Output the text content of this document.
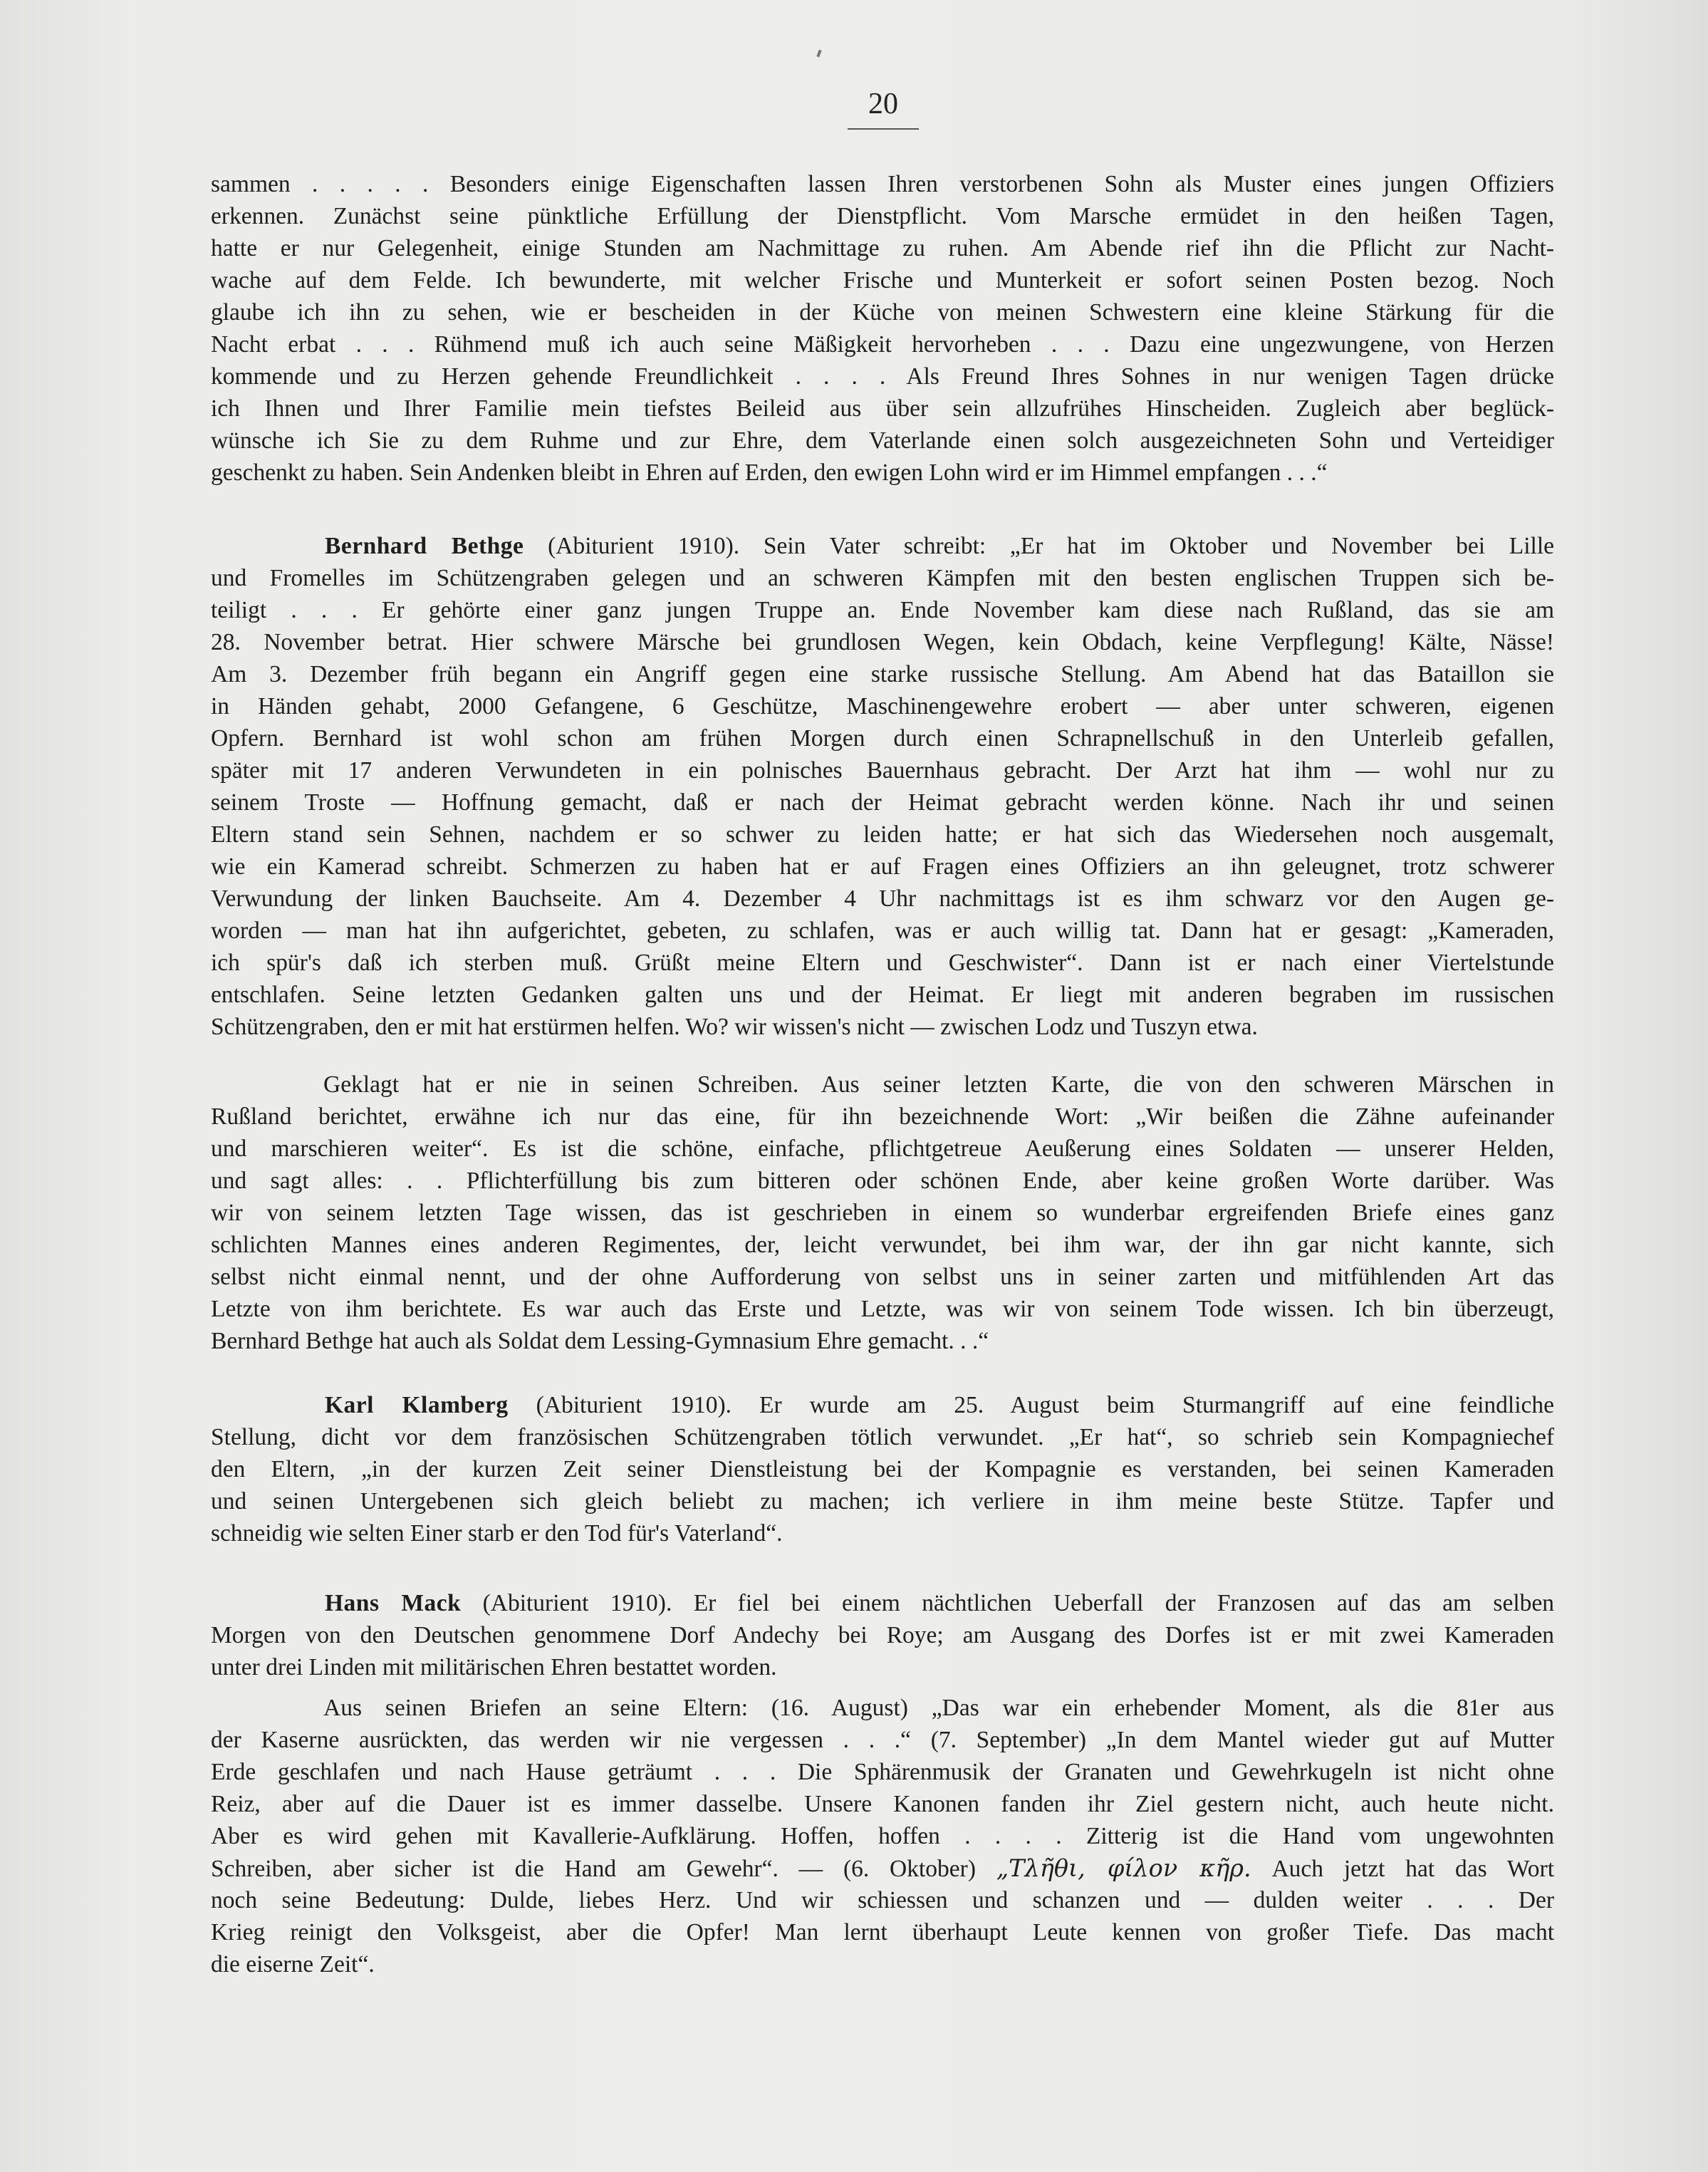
20
sammen . . . . . Besonders einige Eigenschaften lassen Ihren verstorbenen Sohn als Muster eines jungen Offiziers
erkennen. Zunächst seine pünktliche Erfüllung der Dienstpflicht. Vom Marsche ermüdet in den heißen Tagen,
hatte er nur Gelegenheit, einige Stunden am Nachmittage zu ruhen. Am Abende rief ihn die Pflicht zur Nacht-
wache auf dem Felde. Ich bewunderte, mit welcher Frische und Munterkeit er sofort seinen Posten bezog. Noch
glaube ich ihn zu sehen, wie er bescheiden in der Küche von meinen Schwestern eine kleine Stärkung für die
Nacht erbat . . . Rühmend muß ich auch seine Mäßigkeit hervorheben . . . Dazu eine ungezwungene, von Herzen
kommende und zu Herzen gehende Freundlichkeit . . . . Als Freund Ihres Sohnes in nur wenigen Tagen drücke
ich Ihnen und Ihrer Familie mein tiefstes Beileid aus über sein allzufrühes Hinscheiden. Zugleich aber beglück-
wünsche ich Sie zu dem Ruhme und zur Ehre, dem Vaterlande einen solch ausgezeichneten Sohn und Verteidiger
geschenkt zu haben. Sein Andenken bleibt in Ehren auf Erden, den ewigen Lohn wird er im Himmel empfangen . . .“
Bernhard Bethge (Abiturient 1910). Sein Vater schreibt: „Er hat im Oktober und November bei Lille
und Fromelles im Schützengraben gelegen und an schweren Kämpfen mit den besten englischen Truppen sich be-
teiligt . . . Er gehörte einer ganz jungen Truppe an. Ende November kam diese nach Rußland, das sie am
28. November betrat. Hier schwere Märsche bei grundlosen Wegen, kein Obdach, keine Verpflegung! Kälte, Nässe!
Am 3. Dezember früh begann ein Angriff gegen eine starke russische Stellung. Am Abend hat das Bataillon sie
in Händen gehabt, 2000 Gefangene, 6 Geschütze, Maschinengewehre erobert — aber unter schweren, eigenen
Opfern. Bernhard ist wohl schon am frühen Morgen durch einen Schrapnellschuß in den Unterleib gefallen,
später mit 17 anderen Verwundeten in ein polnisches Bauernhaus gebracht. Der Arzt hat ihm — wohl nur zu
seinem Troste — Hoffnung gemacht, daß er nach der Heimat gebracht werden könne. Nach ihr und seinen
Eltern stand sein Sehnen, nachdem er so schwer zu leiden hatte; er hat sich das Wiedersehen noch ausgemalt,
wie ein Kamerad schreibt. Schmerzen zu haben hat er auf Fragen eines Offiziers an ihn geleugnet, trotz schwerer
Verwundung der linken Bauchseite. Am 4. Dezember 4 Uhr nachmittags ist es ihm schwarz vor den Augen ge-
worden — man hat ihn aufgerichtet, gebeten, zu schlafen, was er auch willig tat. Dann hat er gesagt: „Kameraden,
ich spür's daß ich sterben muß. Grüßt meine Eltern und Geschwister“. Dann ist er nach einer Viertelstunde
entschlafen. Seine letzten Gedanken galten uns und der Heimat. Er liegt mit anderen begraben im russischen
Schützengraben, den er mit hat erstürmen helfen. Wo? wir wissen's nicht — zwischen Lodz und Tuszyn etwa.
Geklagt hat er nie in seinen Schreiben. Aus seiner letzten Karte, die von den schweren Märschen in
Rußland berichtet, erwähne ich nur das eine, für ihn bezeichnende Wort: „Wir beißen die Zähne aufeinander
und marschieren weiter“. Es ist die schöne, einfache, pflichtgetreue Aeußerung eines Soldaten — unserer Helden,
und sagt alles: . . Pflichterfüllung bis zum bitteren oder schönen Ende, aber keine großen Worte darüber. Was
wir von seinem letzten Tage wissen, das ist geschrieben in einem so wunderbar ergreifenden Briefe eines ganz
schlichten Mannes eines anderen Regimentes, der, leicht verwundet, bei ihm war, der ihn gar nicht kannte, sich
selbst nicht einmal nennt, und der ohne Aufforderung von selbst uns in seiner zarten und mitfühlenden Art das
Letzte von ihm berichtete. Es war auch das Erste und Letzte, was wir von seinem Tode wissen. Ich bin überzeugt,
Bernhard Bethge hat auch als Soldat dem Lessing-Gymnasium Ehre gemacht. . .“
Karl Klamberg (Abiturient 1910). Er wurde am 25. August beim Sturmangriff auf eine feindliche
Stellung, dicht vor dem französischen Schützengraben tötlich verwundet. „Er hat“, so schrieb sein Kompagniechef
den Eltern, „in der kurzen Zeit seiner Dienstleistung bei der Kompagnie es verstanden, bei seinen Kameraden
und seinen Untergebenen sich gleich beliebt zu machen; ich verliere in ihm meine beste Stütze. Tapfer und
schneidig wie selten Einer starb er den Tod für's Vaterland“.
Hans Mack (Abiturient 1910). Er fiel bei einem nächtlichen Ueberfall der Franzosen auf das am selben
Morgen von den Deutschen genommene Dorf Andechy bei Roye; am Ausgang des Dorfes ist er mit zwei Kameraden
unter drei Linden mit militärischen Ehren bestattet worden.
Aus seinen Briefen an seine Eltern: (16. August) „Das war ein erhebender Moment, als die 81er aus
der Kaserne ausrückten, das werden wir nie vergessen . . .“ (7. September) „In dem Mantel wieder gut auf Mutter
Erde geschlafen und nach Hause geträumt . . . Die Sphärenmusik der Granaten und Gewehrkugeln ist nicht ohne
Reiz, aber auf die Dauer ist es immer dasselbe. Unsere Kanonen fanden ihr Ziel gestern nicht, auch heute nicht.
Aber es wird gehen mit Kavallerie-Aufklärung. Hoffen, hoffen . . . . Zitterig ist die Hand vom ungewohnten
Schreiben, aber sicher ist die Hand am Gewehr“. — (6. Oktober) „Τλῆθι, φίλον κῆρ. Auch jetzt hat das Wort
noch seine Bedeutung: Dulde, liebes Herz. Und wir schiessen und schanzen und — dulden weiter . . . Der
Krieg reinigt den Volksgeist, aber die Opfer! Man lernt überhaupt Leute kennen von großer Tiefe. Das macht
die eiserne Zeit“.
